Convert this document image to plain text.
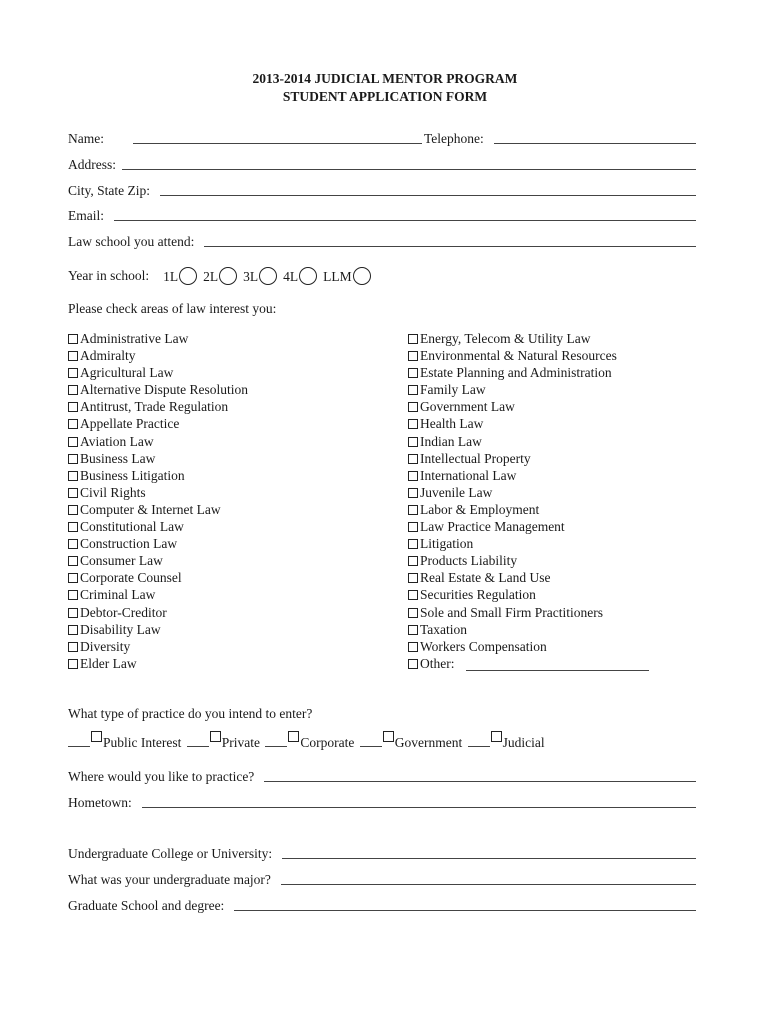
2013-2014 JUDICIAL MENTOR PROGRAM
STUDENT APPLICATION FORM
Name:	Telephone:
Address:
City, State Zip:
Email:
Law school you attend:
Year in school: 1L	2L	3L	4L	LLM
Please check areas of law interest you:
Administrative Law
Admiralty
Agricultural Law
Alternative Dispute Resolution
Antitrust, Trade Regulation
Appellate Practice
Aviation Law
Business Law
Business Litigation
Civil Rights
Computer & Internet Law
Constitutional Law
Construction Law
Consumer Law
Corporate Counsel
Criminal Law
Debtor-Creditor
Disability Law
Diversity
Elder Law
Energy, Telecom & Utility Law
Environmental & Natural Resources
Estate Planning and Administration
Family Law
Government Law
Health Law
Indian Law
Intellectual Property
International Law
Juvenile Law
Labor & Employment
Law Practice Management
Litigation
Products Liability
Real Estate & Land Use
Securities Regulation
Sole and Small Firm Practitioners
Taxation
Workers Compensation
Other:
What type of practice do you intend to enter?
Public Interest	Private	Corporate	Government	Judicial
Where would you like to practice?
Hometown:
Undergraduate College or University:
What was your undergraduate major?
Graduate School and degree:
